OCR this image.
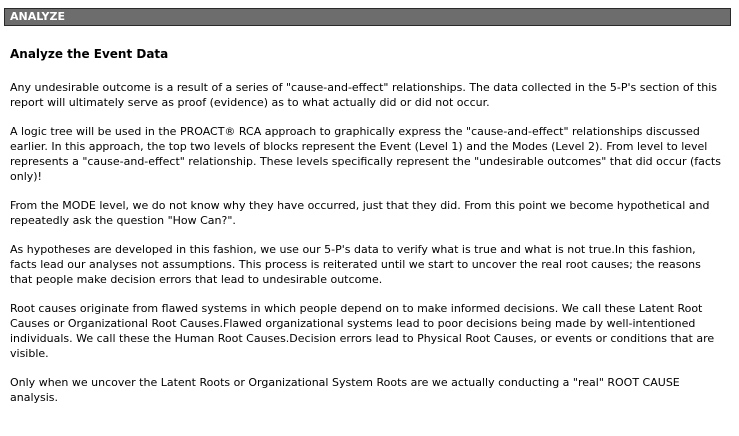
ANALYZE
Analyze the Event Data

Any undesirable outcome is a result of a series of "cause-and-effect" relationships. The data collected in the 5-P's section of this report will ultimately serve as proof (evidence) as to what actually did or did not occur.

A logic tree will be used in the PROACT® RCA approach to graphically express the "cause-and-effect" relationships discussed earlier. In this approach, the top two levels of blocks represent the Event (Level 1) and the Modes (Level 2). From level to level represents a "cause-and-effect" relationship. These levels specifically represent the "undesirable outcomes" that did occur (facts only)!

From the MODE level, we do not know why they have occurred, just that they did. From this point we become hypothetical and repeatedly ask the question "How Can?".

As hypotheses are developed in this fashion, we use our 5-P's data to verify what is true and what is not true.In this fashion, facts lead our analyses not assumptions. This process is reiterated until we start to uncover the real root causes; the reasons that people make decision errors that lead to undesirable outcome.

Root causes originate from flawed systems in which people depend on to make informed decisions. We call these Latent Root Causes or Organizational Root Causes.Flawed organizational systems lead to poor decisions being made by well-intentioned individuals. We call these the Human Root Causes.Decision errors lead to Physical Root Causes, or events or conditions that are visible.

Only when we uncover the Latent Roots or Organizational System Roots are we actually conducting a "real" ROOT CAUSE analysis.
